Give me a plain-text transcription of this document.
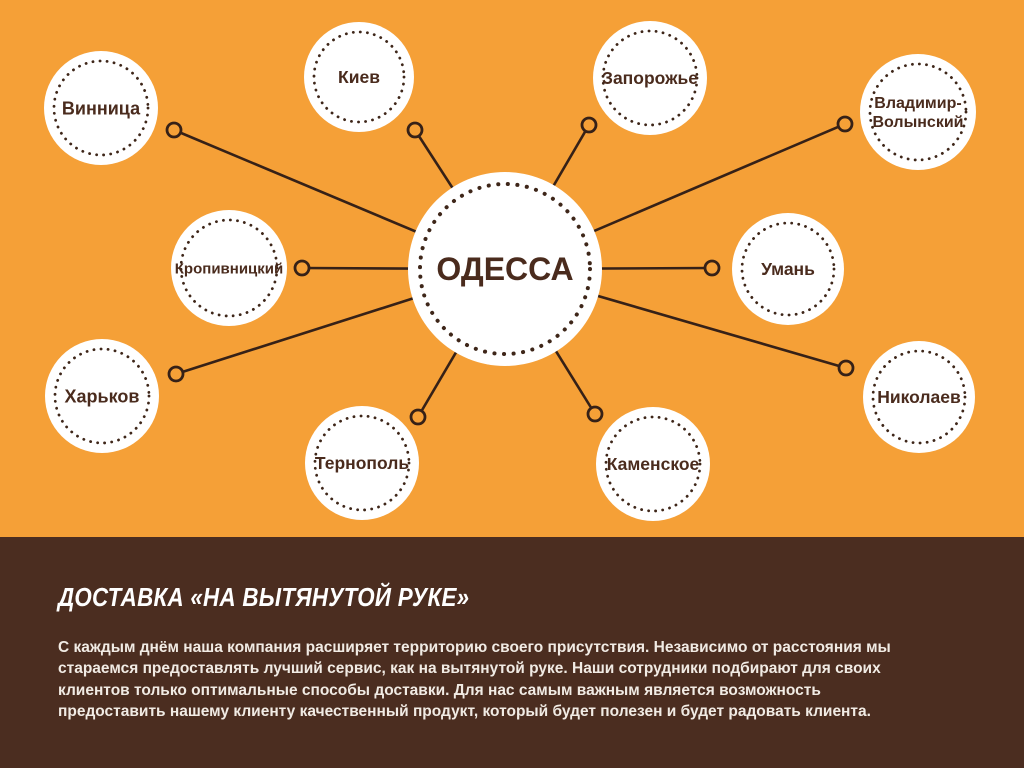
ОДЕССА
Винница
Киев	Запорожье
Владимир-Волынский
Кропивницкий	Умань
Харьков
Тернополь	Каменское
Николаев
ДОСТАВКА «НА ВЫТЯНУТОЙ РУКЕ»
С каждым днём наша компания расширяет территорию своего присутствия. Независимо от расстояния мы
стараемся предоставлять лучший сервис, как на вытянутой руке. Наши сотрудники подбирают для своих
клиентов только оптимальные способы доставки. Для нас самым важным является возможность
предоставить нашему клиенту качественный продукт, который будет полезен и будет радовать клиента.
